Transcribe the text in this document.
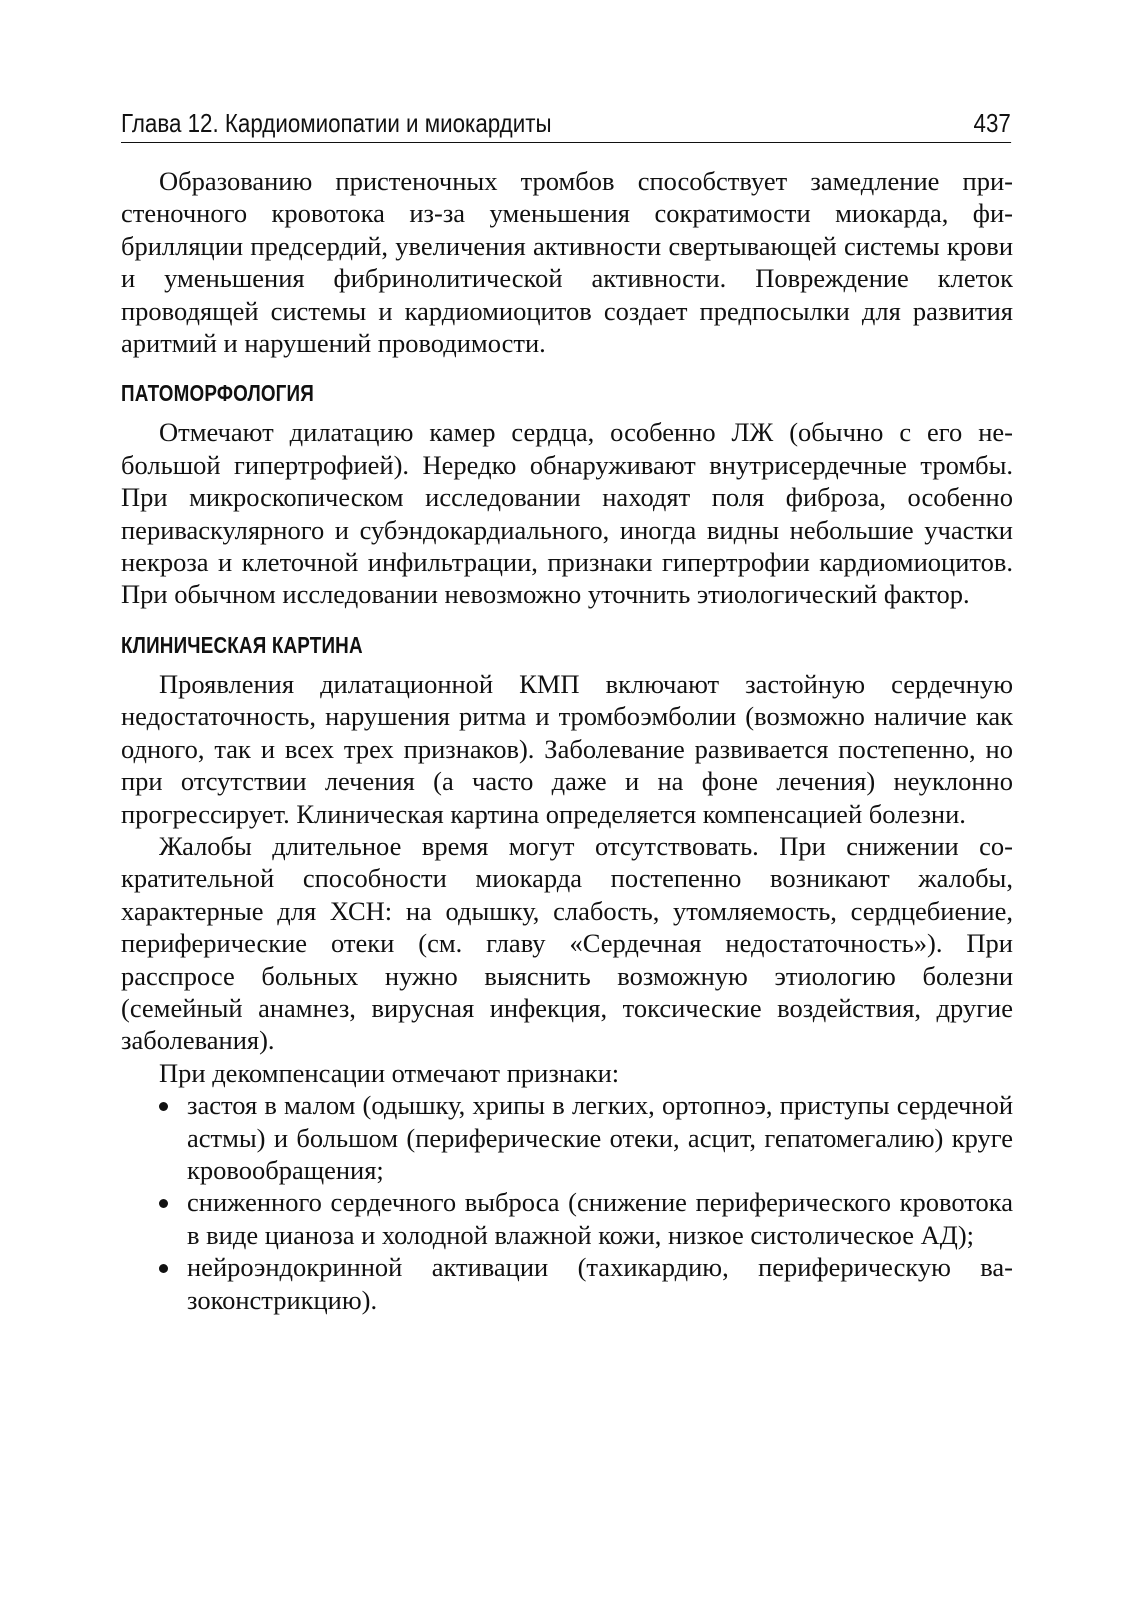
Глава 12. Кардиомиопатии и миокардиты	437

Образованию пристеночных тромбов способствует замедление пристеночного кровотока из-за уменьшения сократимости миокарда, фибрилляции предсердий, увеличения активности свертывающей системы крови и уменьшения фибринолитической активности. Повреждение клеток проводящей системы и кардиомиоцитов создает предпосылки для развития аритмий и нарушений проводимости.

ПАТОМОРФОЛОГИЯ

Отмечают дилатацию камер сердца, особенно ЛЖ (обычно с его небольшой гипертрофией). Нередко обнаруживают внутрисердечные тромбы. При микроскопическом исследовании находят поля фиброза, особенно периваскулярного и субэндокардиального, иногда видны небольшие участки некроза и клеточной инфильтрации, признаки гипертрофии кардиомиоцитов. При обычном исследовании невозможно уточнить этиологический фактор.

КЛИНИЧЕСКАЯ КАРТИНА

Проявления дилатационной КМП включают застойную сердечную недостаточность, нарушения ритма и тромбоэмболии (возможно наличие как одного, так и всех трех признаков). Заболевание развивается постепенно, но при отсутствии лечения (а часто даже и на фоне лечения) неуклонно прогрессирует. Клиническая картина определяется компенсацией болезни.

Жалобы длительное время могут отсутствовать. При снижении сократительной способности миокарда постепенно возникают жалобы, характерные для ХСН: на одышку, слабость, утомляемость, сердцебиение, периферические отеки (см. главу «Сердечная недостаточность»). При расспросе больных нужно выяснить возможную этиологию болезни (семейный анамнез, вирусная инфекция, токсические воздействия, другие заболевания).

При декомпенсации отмечают признаки:

застоя в малом (одышку, хрипы в легких, ортопноэ, приступы сердечной астмы) и большом (периферические отеки, асцит, гепатомегалию) круге кровообращения;
сниженного сердечного выброса (снижение периферического кровотока в виде цианоза и холодной влажной кожи, низкое систолическое АД);
нейроэндокринной активации (тахикардию, периферическую вазоконстрикцию).
